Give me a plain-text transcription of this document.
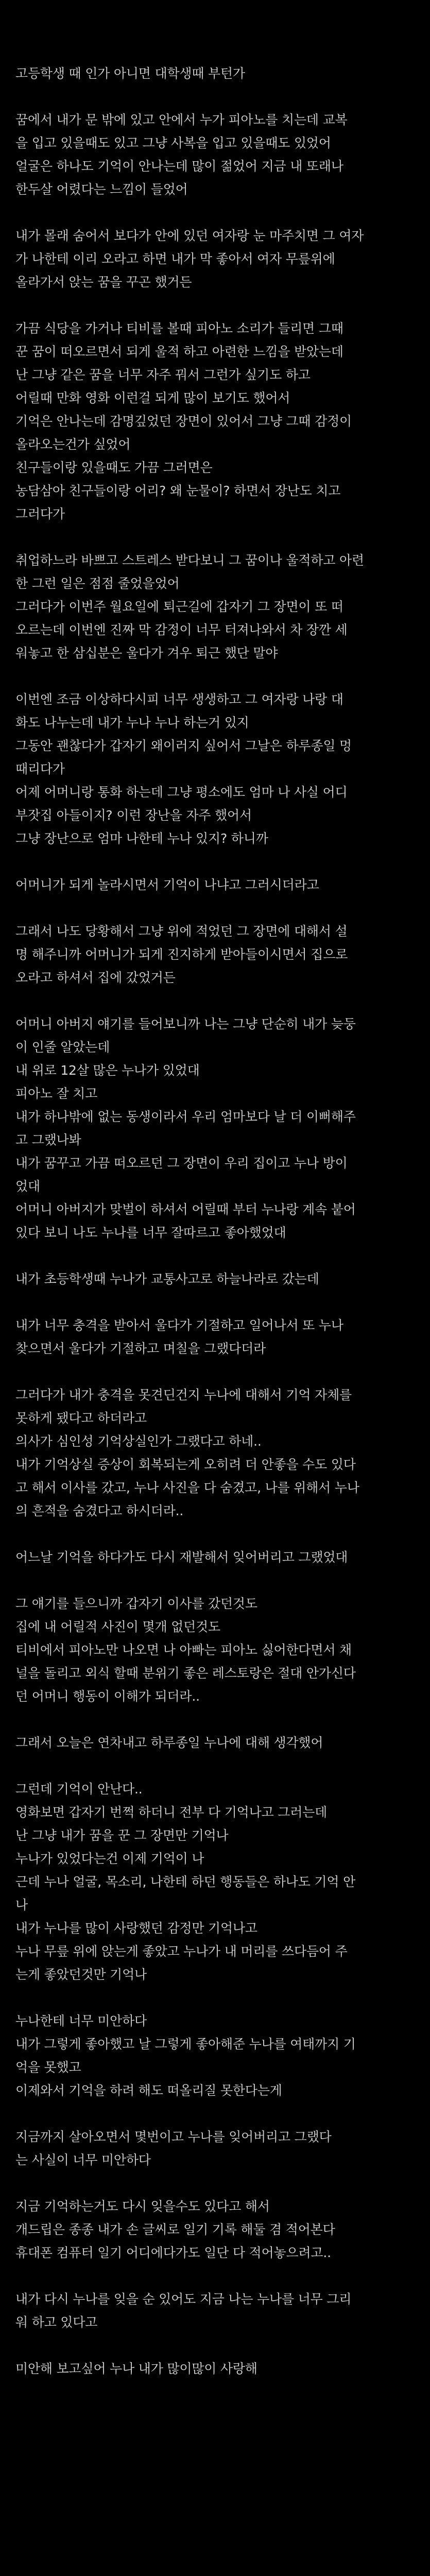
고등학생 때 인가 아니면 대학생때 부턴가
꿈에서 내가 문 밖에 있고 안에서 누가 피아노를 치는데 교복
을 입고 있을때도 있고 그냥 사복을 입고 있을때도 있었어
얼굴은 하나도 기억이 안나는데 많이 젊었어 지금 내 또래나
한두살 어렸다는 느낌이 들었어
내가 몰래 숨어서 보다가 안에 있던 여자랑 눈 마주치면 그 여자
가 나한테 이리 오라고 하면 내가 막 좋아서 여자 무릎위에
올라가서 앉는 꿈을 꾸곤 했거든
가끔 식당을 가거나 티비를 볼때 피아노 소리가 들리면 그때
꾼 꿈이 떠오르면서 되게 울적 하고 아련한 느낌을 받았는데
난 그냥 같은 꿈을 너무 자주 꿔서 그런가 싶기도 하고
어릴때 만화 영화 이런걸 되게 많이 보기도 했어서
기억은 안나는데 감명깊었던 장면이 있어서 그냥 그때 감정이
올라오는건가 싶었어
친구들이랑 있을때도 가끔 그러면은
농담삼아 친구들이랑 어리? 왜 눈물이? 하면서 장난도 치고
그러다가
취업하느라 바쁘고 스트레스 받다보니 그 꿈이나 울적하고 아련
한 그런 일은 점점 줄었을었어
그러다가 이번주 월요일에 퇴근길에 갑자기 그 장면이 또 떠
오르는데 이번엔 진짜 막 감정이 너무 터져나와서 차 장깐 세
워놓고 한 삼십분은 울다가 겨우 퇴근 했단 말야
이번엔 조금 이상하다시피 너무 생생하고 그 여자랑 나랑 대
화도 나누는데 내가 누나 누나 하는거 있지
그동안 괜찮다가 갑자기 왜이러지 싶어서 그날은 하루종일 멍
때리다가
어제 어머니랑 통화 하는데 그냥 평소에도 엄마 나 사실 어디
부잣집 아들이지? 이런 장난을 자주 했어서
그냥 장난으로 엄마 나한테 누나 있지? 하니까
어머니가 되게 놀라시면서 기억이 나냐고 그러시더라고
그래서 나도 당황해서 그냥 위에 적었던 그 장면에 대해서 설
명 해주니까 어머니가 되게 진지하게 받아들이시면서 집으로
오라고 하셔서 집에 갔었거든
어머니 아버지 얘기를 들어보니까 나는 그냥 단순히 내가 늦둥
이 인줄 알았는데
내 위로 12살 많은 누나가 있었대
피아노 잘 치고
내가 하나밖에 없는 동생이라서 우리 엄마보다 날 더 이뻐해주
고 그랬나봐
내가 꿈꾸고 가끔 떠오르던 그 장면이 우리 집이고 누나 방이
었대
어머니 아버지가 맞벌이 하셔서 어릴때 부터 누나랑 계속 붙어
있다 보니 나도 누나를 너무 잘따르고 좋아했었대
내가 초등학생때 누나가 교통사고로 하늘나라로 갔는데
내가 너무 충격을 받아서 울다가 기절하고 일어나서 또 누나
찾으면서 울다가 기절하고 며칠을 그랬다더라
그러다가 내가 충격을 못견딘건지 누나에 대해서 기억 자체를
못하게 됐다고 하더라고
의사가 심인성 기억상실인가 그랬다고 하네..
내가 기억상실 증상이 회복되는게 오히려 더 안좋을 수도 있다
고 해서 이사를 갔고, 누나 사진을 다 숨겼고, 나를 위해서 누나
의 흔적을 숨겼다고 하시더라..
어느날 기억을 하다가도 다시 재발해서 잊어버리고 그랬었대
그 얘기를 들으니까 갑자기 이사를 갔던것도
집에 내 어릴적 사진이 몇개 없던것도
티비에서 피아노만 나오면 나 아빠는 피아노 싫어한다면서 채
널을 돌리고 외식 할때 분위기 좋은 레스토랑은 절대 안가신다
던 어머니 행동이 이해가 되더라..
그래서 오늘은 연차내고 하루종일 누나에 대해 생각했어
그런데 기억이 안난다..
영화보면 갑자기 번쩍 하더니 전부 다 기억나고 그러는데
난 그냥 내가 꿈을 꾼 그 장면만 기억나
누나가 있었다는건 이제 기억이 나
근데 누나 얼굴, 목소리, 나한테 하던 행동들은 하나도 기억 안
나
내가 누나를 많이 사랑했던 감정만 기억나고
누나 무릎 위에 앉는게 좋았고 누나가 내 머리를 쓰다듬어 주
는게 좋았던것만 기억나
누나한테 너무 미안하다
내가 그렇게 좋아했고 날 그렇게 좋아해준 누나를 여태까지 기
억을 못했고
이제와서 기억을 하려 해도 떠올리질 못한다는게
지금까지 살아오면서 몇번이고 누나를 잊어버리고 그랬다
는 사실이 너무 미안하다
지금 기억하는거도 다시 잊을수도 있다고 해서
개드립은 종종 내가 손 글씨로 일기 기록 해둘 겸 적어본다
휴대폰 컴퓨터 일기 어디에다가도 일단 다 적어놓으려고..
내가 다시 누나를 잊을 순 있어도 지금 나는 누나를 너무 그리
워 하고 있다고
미안해 보고싶어 누나 내가 많이많이 사랑해
